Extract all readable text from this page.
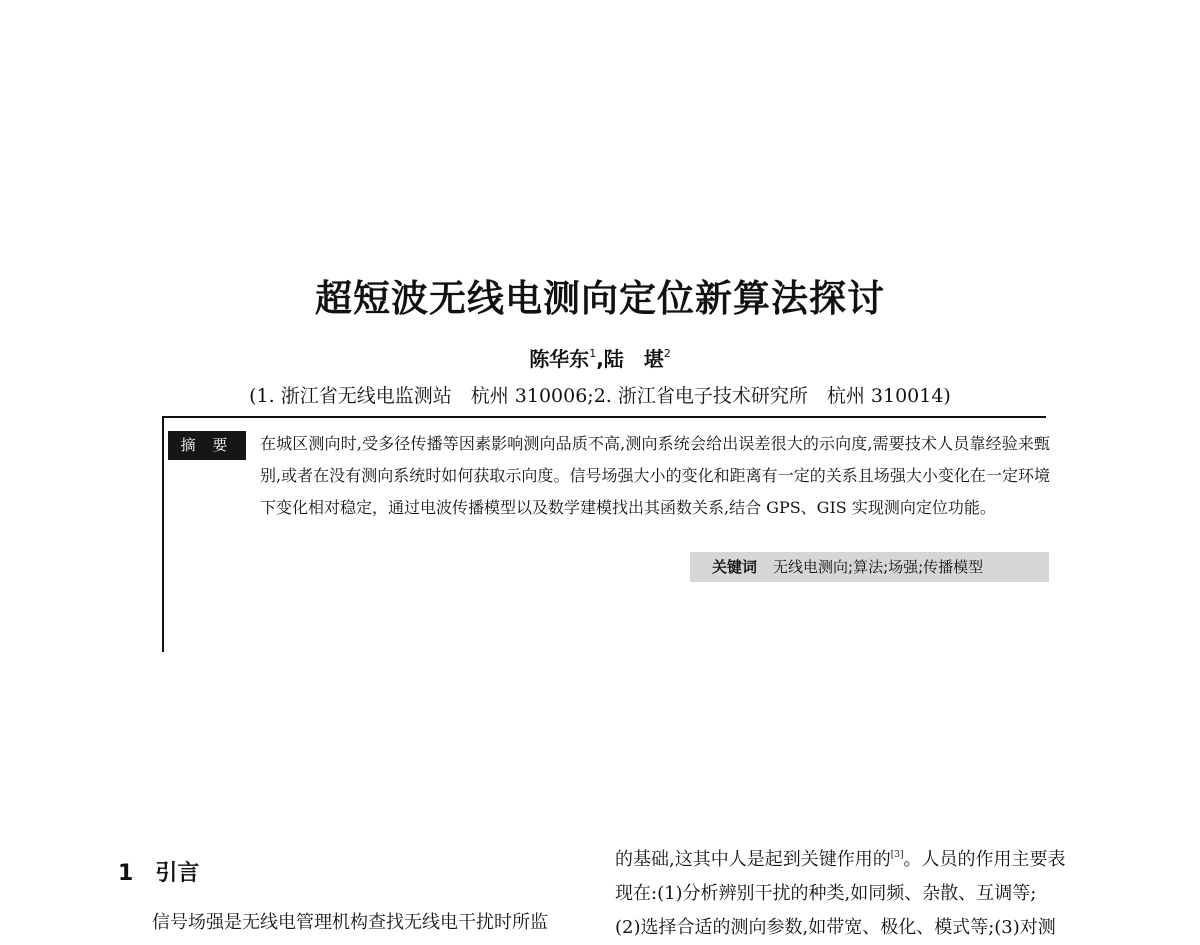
超短波无线电测向定位新算法探讨
陈华东$^1$,陆　堪$^2$
(1. 浙江省无线电监测站　杭州 310006;2. 浙江省电子技术研究所　杭州 310014)
摘 要	在城区测向时,受多径传播等因素影响测向品质不高,测向系统会给出误差很大的示向度,需要技术人员靠经验来甄别,或者在没有测向系统时如何获取示向度。信号场强大小的变化和距离有一定的关系且场强大小变化在一定环境下变化相对稳定，通过电波传播模型以及数学建模找出其函数关系,结合 GPS、GIS 实现测向定位功能。

关键词 无线电测向;算法;场强;传播模型
1 引言
信号场强是无线电管理机构查找无线电干扰时所监
的基础,这其中人是起到关键作用的[3]。人员的作用主要表
现在:(1)分析辨别干扰的种类,如同频、杂散、互调等;
(2)选择合适的测向参数,如带宽、极化、模式等;(3)对测
